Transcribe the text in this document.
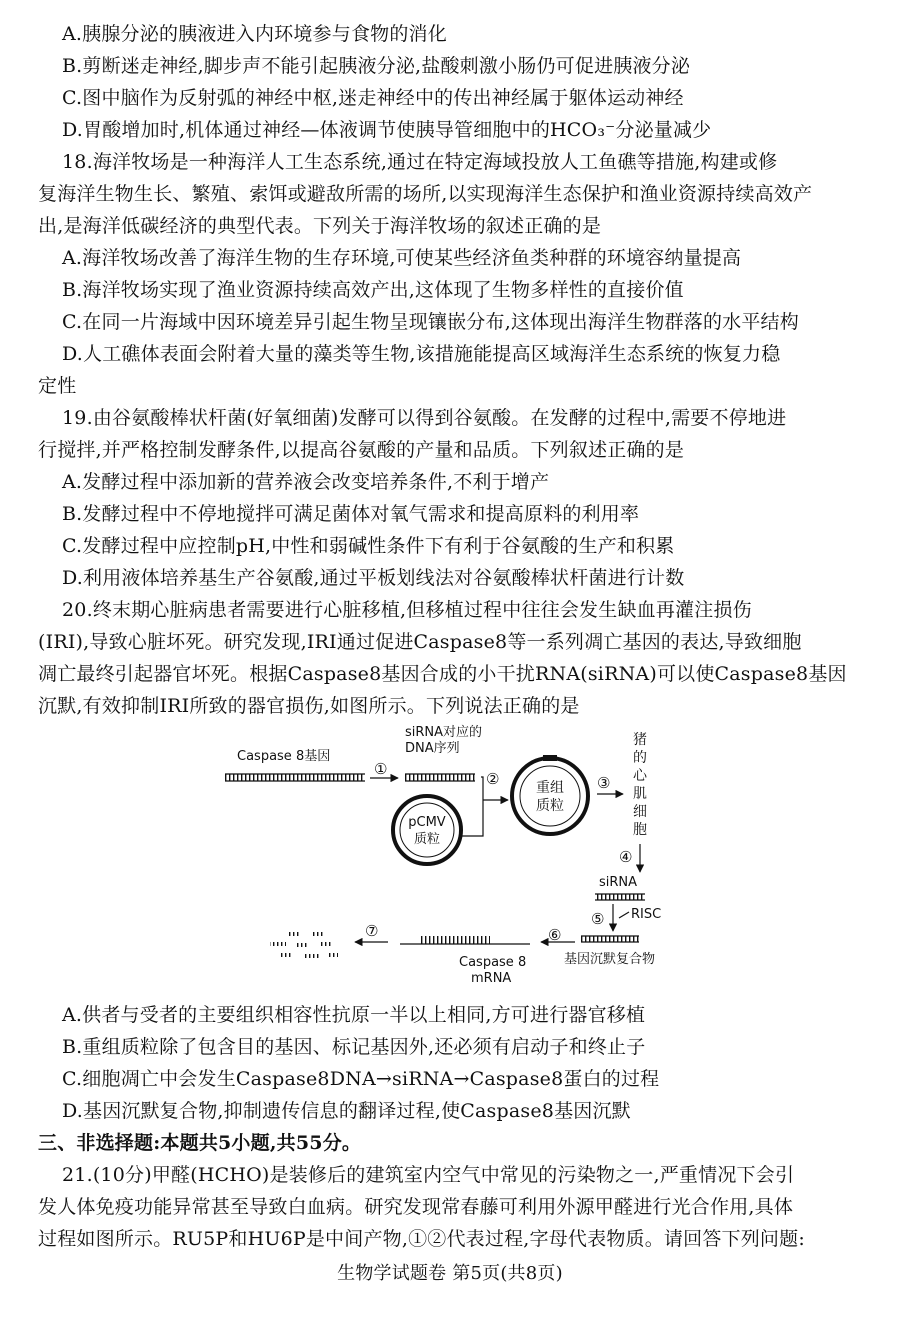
A.胰腺分泌的胰液进入内环境参与食物的消化
B.剪断迷走神经,脚步声不能引起胰液分泌,盐酸刺激小肠仍可促进胰液分泌
C.图中脑作为反射弧的神经中枢,迷走神经中的传出神经属于躯体运动神经
D.胃酸增加时,机体通过神经—体液调节使胰导管细胞中的HCO₃⁻分泌量减少
18.海洋牧场是一种海洋人工生态系统,通过在特定海域投放人工鱼礁等措施,构建或修
复海洋生物生长、繁殖、索饵或避敌所需的场所,以实现海洋生态保护和渔业资源持续高效产
出,是海洋低碳经济的典型代表。下列关于海洋牧场的叙述正确的是
A.海洋牧场改善了海洋生物的生存环境,可使某些经济鱼类种群的环境容纳量提高
B.海洋牧场实现了渔业资源持续高效产出,这体现了生物多样性的直接价值
C.在同一片海域中因环境差异引起生物呈现镶嵌分布,这体现出海洋生物群落的水平结构
D.人工礁体表面会附着大量的藻类等生物,该措施能提高区域海洋生态系统的恢复力稳
定性
19.由谷氨酸棒状杆菌(好氧细菌)发酵可以得到谷氨酸。在发酵的过程中,需要不停地进
行搅拌,并严格控制发酵条件,以提高谷氨酸的产量和品质。下列叙述正确的是
A.发酵过程中添加新的营养液会改变培养条件,不利于增产
B.发酵过程中不停地搅拌可满足菌体对氧气需求和提高原料的利用率
C.发酵过程中应控制pH,中性和弱碱性条件下有利于谷氨酸的生产和积累
D.利用液体培养基生产谷氨酸,通过平板划线法对谷氨酸棒状杆菌进行计数
20.终末期心脏病患者需要进行心脏移植,但移植过程中往往会发生缺血再灌注损伤
(IRI),导致心脏坏死。研究发现,IRI通过促进Caspase8等一系列凋亡基因的表达,导致细胞
凋亡最终引起器官坏死。根据Caspase8基因合成的小干扰RNA(siRNA)可以使Caspase8基因
沉默,有效抑制IRI所致的器官损伤,如图所示。下列说法正确的是
Caspase 8基因
①
siRNA对应的
DNA序列
②
pCMV
质粒
重组
质粒
③
猪
的
心
肌
细
胞
④
siRNA
⑤ RISC
基因沉默复合物
⑥
Caspase 8
mRNA
⑦
A.供者与受者的主要组织相容性抗原一半以上相同,方可进行器官移植
B.重组质粒除了包含目的基因、标记基因外,还必须有启动子和终止子
C.细胞凋亡中会发生Caspase8DNA→siRNA→Caspase8蛋白的过程
D.基因沉默复合物,抑制遗传信息的翻译过程,使Caspase8基因沉默
三、非选择题:本题共5小题,共55分。
21.(10分)甲醛(HCHO)是装修后的建筑室内空气中常见的污染物之一,严重情况下会引
发人体免疫功能异常甚至导致白血病。研究发现常春藤可利用外源甲醛进行光合作用,具体
过程如图所示。RU5P和HU6P是中间产物,①②代表过程,字母代表物质。请回答下列问题:
生物学试题卷 第5页(共8页)
